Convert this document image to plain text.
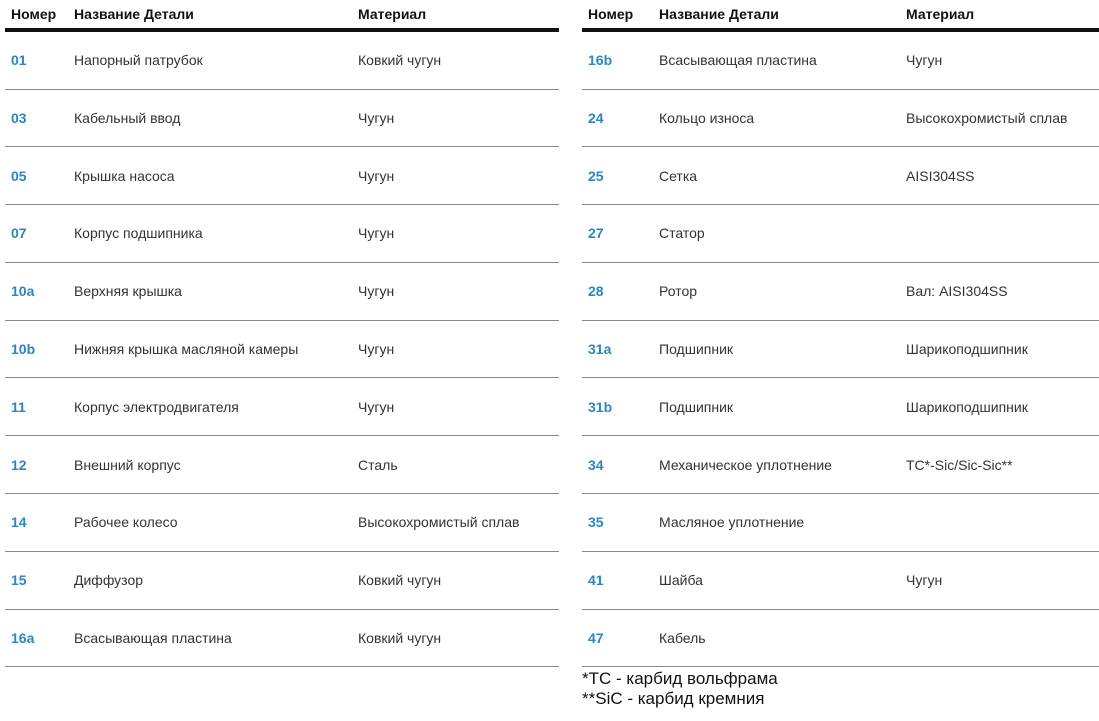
Номер	Название Детали	Материал
01	Напорный патрубок	Ковкий чугун
03	Кабельный ввод	Чугун
05	Крышка насоса	Чугун
07	Корпус подшипника	Чугун
10a	Верхняя крышка	Чугун
10b	Нижняя крышка масляной камеры	Чугун
11	Корпус электродвигателя	Чугун
12	Внешний корпус	Сталь
14	Рабочее колесо	Высокохромистый сплав
15	Диффузор	Ковкий чугун
16a	Всасывающая пластина	Ковкий чугун
Номер	Название Детали	Материал
16b	Всасывающая пластина	Чугун
24	Кольцо износа	Высокохромистый сплав
25	Сетка	AISI304SS
27	Статор	
28	Ротор	Вал: AISI304SS
31a	Подшипник	Шарикоподшипник
31b	Подшипник	Шарикоподшипник
34	Механическое уплотнение	TC*-Sic/Sic-Sic**
35	Масляное уплотнение	
41	Шайба	Чугун
47	Кабель	
*TC - карбид вольфрама
**SiC - карбид кремния
